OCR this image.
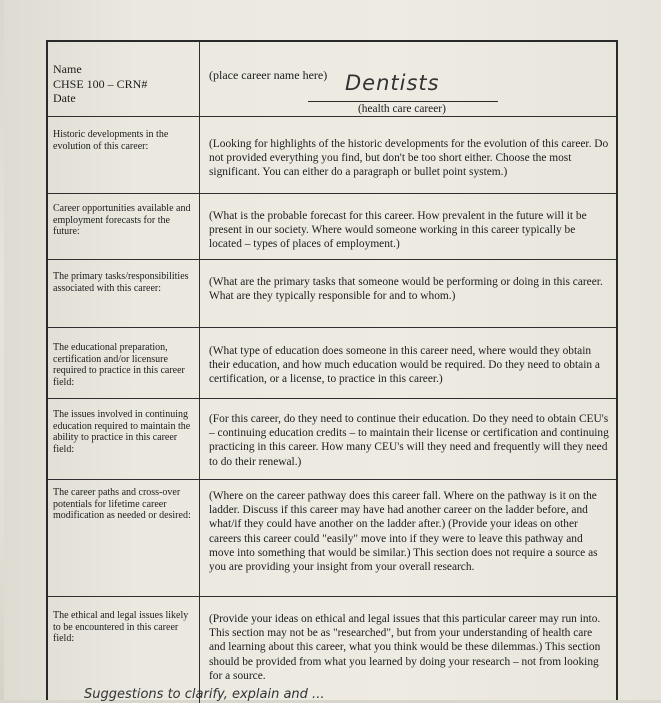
Name
CHSE 100 – CRN#
Date
(place career name here) Dentists
(health care career)
Historic developments in the evolution of this career:	(Looking for highlights of the historic developments for the evolution of this career. Do not provided everything you find, but don't be too short either. Choose the most significant. You can either do a paragraph or bullet point system.)
Career opportunities available and employment forecasts for the future:
(What is the probable forecast for this career. How prevalent in the future will it be present in our society. Where would someone working in this career typically be located – types of places of employment.)
The primary tasks/responsibilities associated with this career:	(What are the primary tasks that someone would be performing or doing in this career. What are they typically responsible for and to whom.)
The educational preparation, certification and/or licensure required to practice in this career field:
(What type of education does someone in this career need, where would they obtain their education, and how much education would be required. Do they need to obtain a certification, or a license, to practice in this career.)
The issues involved in continuing education required to maintain the ability to practice in this career field:
(For this career, do they need to continue their education. Do they need to obtain CEU's – continuing education credits – to maintain their license or certification and continuing practicing in this career. How many CEU's will they need and frequently will they need to do their renewal.)
The career paths and cross-over potentials for lifetime career modification as needed or desired:
(Where on the career pathway does this career fall. Where on the pathway is it on the ladder. Discuss if this career may have had another career on the ladder before, and what/if they could have another on the ladder after.) (Provide your ideas on other careers this career could "easily" move into if they were to leave this pathway and move into something that would be similar.) This section does not require a source as you are providing your insight from your overall research.
The ethical and legal issues likely to be encountered in this career field:
(Provide your ideas on ethical and legal issues that this particular career may run into. This section may not be as "researched", but from your understanding of health care and learning about this career, what you think would be these dilemmas.) This section should be provided from what you learned by doing your research – not from looking for a source.
Suggestions to clarify, explain and ...
